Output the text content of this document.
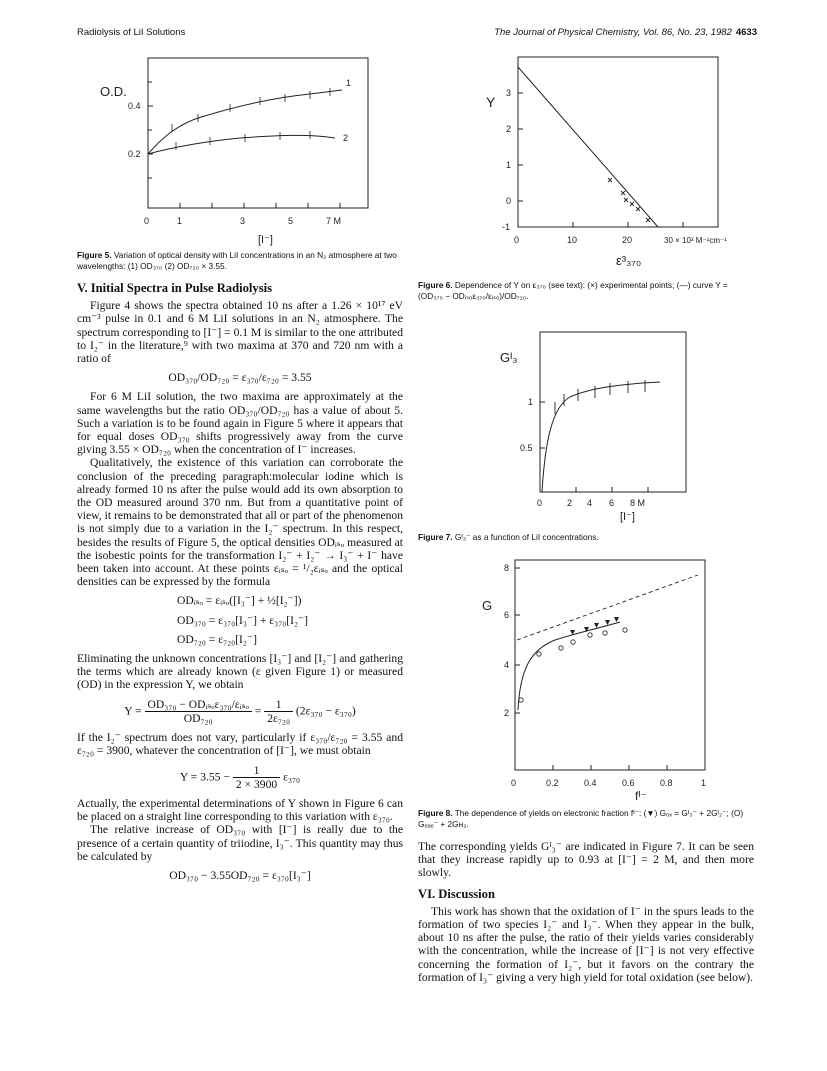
Radiolysis of LiI Solutions	The Journal of Physical Chemistry, Vol. 86, No. 23, 1982 4633
O.D.
0.4
0.2
1
2
0	1	3	5	7 M
[I⁻]
Figure 5. Variation of optical density with LiI concentrations in an N₂ atmosphere at two wavelengths: (1) OD₃₇₀ (2) OD₇₂₀ × 3.55.
Y
3
2
1
0
-1
0	10	20	30 × 10³ M⁻¹cm⁻¹
ε³₃₇₀
Figure 6. Dependence of Y on ε₃₇₀ (see text): (×) experimental points; (—) curve Y = (OD₃₇₀ − ODᵢₛₒε₃₇₀/εᵢₛₒ)/OD₇₂₀.
Gᴵ₃
1
0.5
0	2 4 6 8 M
[I⁻]
Figure 7. Gᴵ₃⁻ as a function of LiI concentrations.
G
8
6
4
2
0	0.2	0.4	0.6	0.8	1
fᴵ⁻
Figure 8. The dependence of yields on electronic fraction fᴵ⁻: (▼) Gₒₓ = Gᴵ₃⁻ + 2Gᴵ₂⁻; (O) Gₑₐₑ⁻ + 2Gʜ₂.
V. Initial Spectra in Pulse Radiolysis

Figure 4 shows the spectra obtained 10 ns after a 1.26 × 10¹⁷ eV cm⁻³ pulse in 0.1 and 6 M LiI solutions in an N₂ atmosphere. The spectrum corresponding to [I⁻] = 0.1 M is similar to the one attributed to I₂⁻ in the literature,⁹ with two maxima at 370 and 720 nm with a ratio of

OD₃₇₀/OD₇₂₀ = ε₃₇₀/ε₇₂₀ = 3.55

For 6 M LiI solution, the two maxima are approximately at the same wavelengths but the ratio OD₃₇₀/OD₇₂₀ has a value of about 5. Such a variation is to be found again in Figure 5 where it appears that for equal doses OD₃₇₀ shifts progressively away from the curve giving 3.55 × OD₇₂₀ when the concentration of I⁻ increases.

Qualitatively, the existence of this variation can corroborate the conclusion of the preceding paragraph:molecular iodine which is already formed 10 ns after the pulse would add its own absorption to the OD measured around 370 nm. But from a quantitative point of view, it remains to be demonstrated that all or part of the phenomenon is not simply due to a variation in the I₂⁻ spectrum. In this respect, besides the results of Figure 5, the optical densities ODᵢₛₒ measured at the isobestic points for the transformation I₂⁻ + I₂⁻ → I₃⁻ + I⁻ have been taken into account. At these points εᵢₛₒ = ¹/₂εᵢₛₒ and the optical densities can be expressed by the formula

ODᵢₛₒ = εᵢₛₒ([I₃⁻] + ½[I₂⁻])
OD₃₇₀ = ε₃₇₀[I₃⁻] + ε₃₇₀[I₂⁻]
OD₇₂₀ = ε₇₂₀[I₂⁻]

Eliminating the unknown concentrations [I₃⁻] and [I₂⁻] and gathering the terms which are already known (ε given Figure 1) or measured (OD) in the expression Y, we obtain

$Y = \frac{\text{OD₃₇₀ − ODᵢₛₒε₃₇₀/εᵢₛₒ}}{\text{OD₇₂₀}} = \frac{1}{\text{2ε₇₂₀}} (2\varepsilon_{370} - \varepsilon_{370})$

If the I₂⁻ spectrum does not vary, particularly if ε₃₇₀/ε₇₂₀ = 3.55 and ε₇₂₀ = 3900, whatever the concentration of [I⁻], we must obtain

$Y = 3.55 - \frac{1}{2 \times 3900} \varepsilon_{370}$

Actually, the experimental determinations of Y shown in Figure 6 can be placed on a straight line corresponding to this variation with ε₃₇₀.

The relative increase of OD₃₇₀ with [I⁻] is really due to the presence of a certain quantity of triiodine, I₃⁻. This quantity may thus be calculated by

OD₃₇₀ − 3.55OD₇₂₀ = ε₃₇₀[I₃⁻]

The corresponding yields Gᴵ₃⁻ are indicated in Figure 7. It can be seen that they increase rapidly up to 0.93 at [I⁻] = 2 M, and then more slowly.

VI. Discussion

This work has shown that the oxidation of I⁻ in the spurs leads to the formation of two species I₂⁻ and I₃⁻. When they appear in the bulk, about 10 ns after the pulse, the ratio of their yields varies considerably with the concentration, while the increase of [I⁻] is not very effective concerning the formation of I₂⁻, but it favors on the contrary the formation of I₃⁻ giving a very high yield for total oxidation (see below).
